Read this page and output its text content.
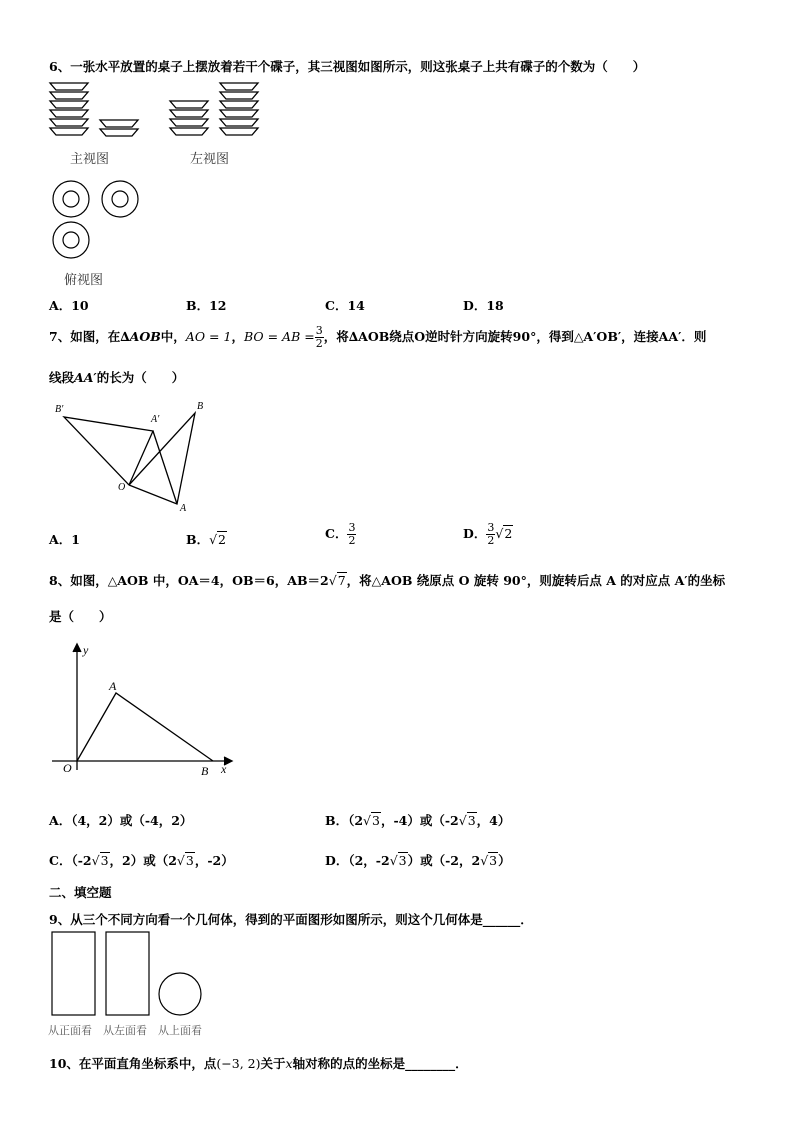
6、一张水平放置的桌子上摆放着若干个碟子，其三视图如图所示，则这张桌子上共有碟子的个数为（　　）
主视图	左视图
俯视图
A．10	B．12	C．14	D．18
7、如图，在∆AOB中，AO = 1，BO = AB = $\frac{3}{2}$ ，将∆AOB绕点O逆时针方向旋转90°，得到△A′OB′，连接AA′．则
线段AA′的长为（　　）
B′
A′
B
O
A
A．1	B．√2	C． $\frac{3}{2}$	D． $\frac{3}{2} √2$
8、如图，△AOB 中，OA＝4，OB＝6，AB＝2√7，将△AOB 绕原点 O 旋转 90°，则旋转后点 A 的对应点 A′的坐标
是（　　）
y
x
A
O	B
A．（4，2）或（-4，2）	B．（2√3，-4）或（-2√3，4）
C．（-2√3，2）或（2√3，-2）	D．（2，-2√3）或（-2，2√3）
二、填空题
9、从三个不同方向看一个几何体，得到的平面图形如图所示，则这个几何体是______．
从正面看 从左面看 从上面看
10、在平面直角坐标系中，点(−3, 2)关于x轴对称的点的坐标是________．
